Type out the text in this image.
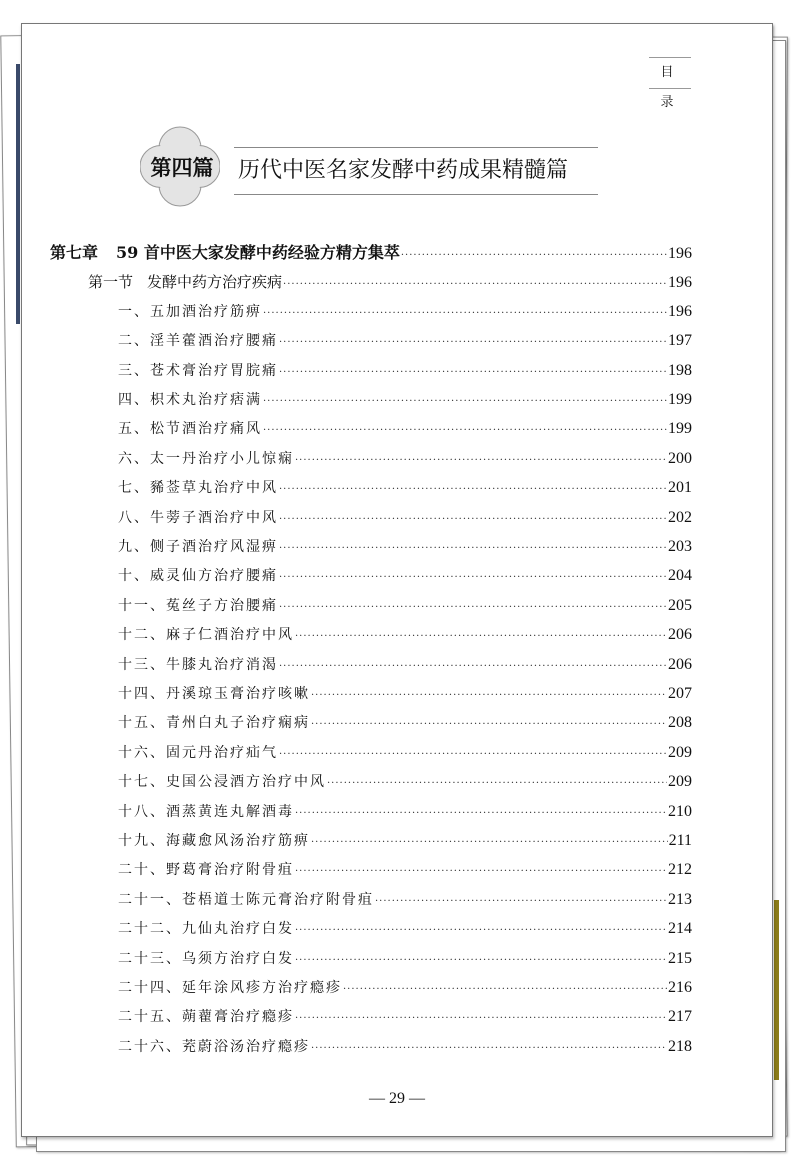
目 录
第四篇	历代中医名家发酵中药成果精髓篇
第七章 59 首中医大家发酵中药经验方精方集萃 ·····	196
第一节 发酵中药方治疗疾病 ·····	196
一、五加酒治疗筋痹 ·····	196
二、淫羊藿酒治疗腰痛 ·····	197
三、苍术膏治疗胃脘痛 ·····	198
四、枳术丸治疗痞满 ·····	199
五、松节酒治疗痛风 ·····	199
六、太一丹治疗小儿惊痫 ·····	200
七、豨莶草丸治疗中风 ·····	201
八、牛蒡子酒治疗中风 ·····	202
九、侧子酒治疗风湿痹 ·····	203
十、威灵仙方治疗腰痛 ·····	204
十一、菟丝子方治腰痛 ·····	205
十二、麻子仁酒治疗中风 ·····	206
十三、牛膝丸治疗消渴 ·····	206
十四、丹溪琼玉膏治疗咳嗽 ·····	207
十五、青州白丸子治疗痫病 ·····	208
十六、固元丹治疗疝气 ·····	209
十七、史国公浸酒方治疗中风 ·····	209
十八、酒蒸黄连丸解酒毒 ·····	210
十九、海藏愈风汤治疗筋痹 ·····	211
二十、野葛膏治疗附骨疽 ·····	212
二十一、苍梧道士陈元膏治疗附骨疽 ·····	213
二十二、九仙丸治疗白发 ·····	214
二十三、乌须方治疗白发 ·····	215
二十四、延年涂风疹方治疗瘾疹 ·····	216
二十五、蒴藋膏治疗瘾疹 ·····	217
二十六、茺蔚浴汤治疗瘾疹 ·····	218
— 29 —
